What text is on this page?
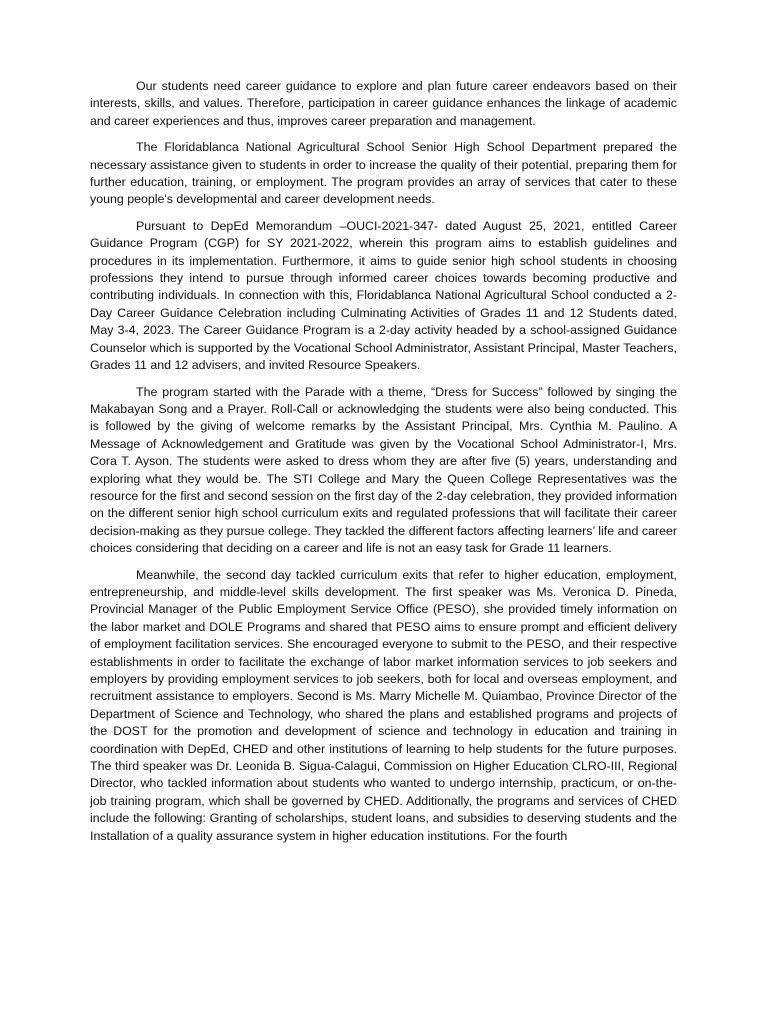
Our students need career guidance to explore and plan future career endeavors based on their interests, skills, and values. Therefore, participation in career guidance enhances the linkage of academic and career experiences and thus, improves career preparation and management.

The Floridablanca National Agricultural School Senior High School Department prepared the necessary assistance given to students in order to increase the quality of their potential, preparing them for further education, training, or employment. The program provides an array of services that cater to these young people's developmental and career development needs.

Pursuant to DepEd Memorandum –OUCI-2021-347- dated August 25, 2021, entitled Career Guidance Program (CGP) for SY 2021-2022, wherein this program aims to establish guidelines and procedures in its implementation. Furthermore, it aims to guide senior high school students in choosing professions they intend to pursue through informed career choices towards becoming productive and contributing individuals. In connection with this, Floridablanca National Agricultural School conducted a 2-Day Career Guidance Celebration including Culminating Activities of Grades 11 and 12 Students dated, May 3-4, 2023. The Career Guidance Program is a 2-day activity headed by a school-assigned Guidance Counselor which is supported by the Vocational School Administrator, Assistant Principal, Master Teachers, Grades 11 and 12 advisers, and invited Resource Speakers.

The program started with the Parade with a theme, “Dress for Success” followed by singing the Makabayan Song and a Prayer. Roll-Call or acknowledging the students were also being conducted. This is followed by the giving of welcome remarks by the Assistant Principal, Mrs. Cynthia M. Paulino. A Message of Acknowledgement and Gratitude was given by the Vocational School Administrator-I, Mrs. Cora T. Ayson. The students were asked to dress whom they are after five (5) years, understanding and exploring what they would be. The STI College and Mary the Queen College Representatives was the resource for the first and second session on the first day of the 2-day celebration, they provided information on the different senior high school curriculum exits and regulated professions that will facilitate their career decision-making as they pursue college. They tackled the different factors affecting learners’ life and career choices considering that deciding on a career and life is not an easy task for Grade 11 learners.

Meanwhile, the second day tackled curriculum exits that refer to higher education, employment, entrepreneurship, and middle-level skills development. The first speaker was Ms. Veronica D. Pineda, Provincial Manager of the Public Employment Service Office (PESO), she provided timely information on the labor market and DOLE Programs and shared that PESO aims to ensure prompt and efficient delivery of employment facilitation services. She encouraged everyone to submit to the PESO, and their respective establishments in order to facilitate the exchange of labor market information services to job seekers and employers by providing employment services to job seekers, both for local and overseas employment, and recruitment assistance to employers. Second is Ms. Marry Michelle M. Quiambao, Province Director of the Department of Science and Technology, who shared the plans and established programs and projects of the DOST for the promotion and development of science and technology in education and training in coordination with DepEd, CHED and other institutions of learning to help students for the future purposes. The third speaker was Dr. Leonida B. Sigua-Calagui, Commission on Higher Education CLRO-III, Regional Director, who tackled information about students who wanted to undergo internship, practicum, or on-the-job training program, which shall be governed by CHED. Additionally, the programs and services of CHED include the following: Granting of scholarships, student loans, and subsidies to deserving students and the Installation of a quality assurance system in higher education institutions. For the fourth
